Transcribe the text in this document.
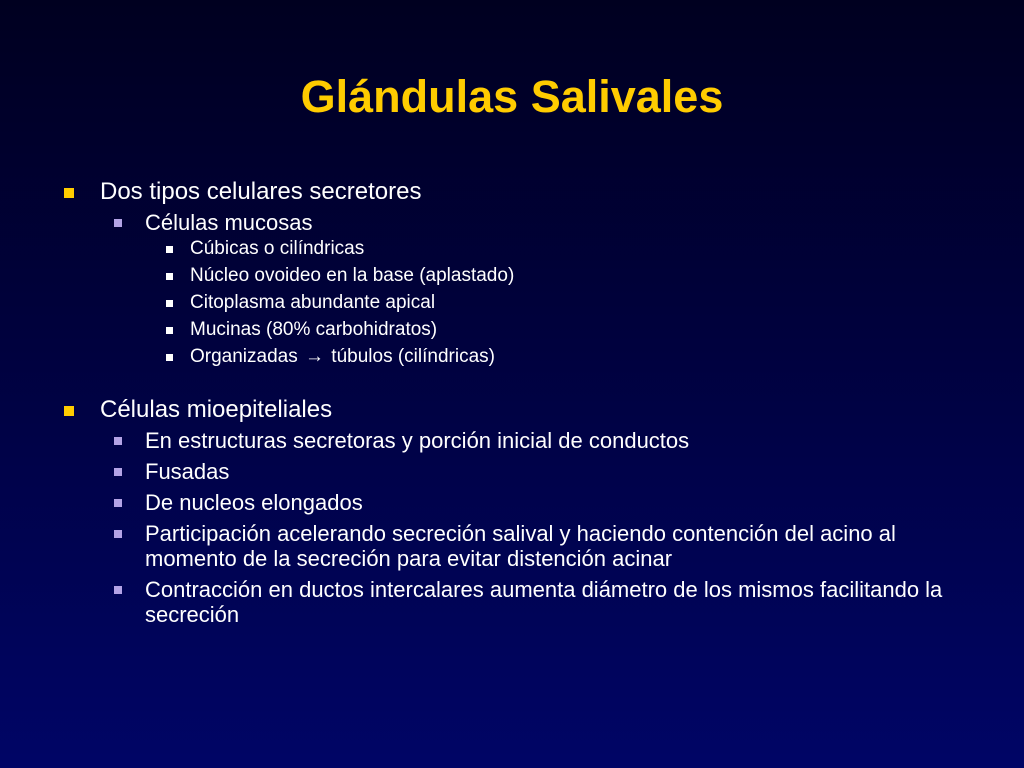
Glándulas Salivales
Dos tipos celulares secretores
Células mucosas
Cúbicas o cilíndricas
Núcleo ovoideo en la base (aplastado)
Citoplasma abundante apical
Mucinas (80% carbohidratos)
Organizadas → túbulos (cilíndricas)
Células mioepiteliales
En estructuras secretoras y porción inicial de conductos
Fusadas
De nucleos elongados
Participación acelerando secreción salival y haciendo contención del acino al momento de la secreción para evitar distención acinar
Contracción en ductos intercalares aumenta diámetro de los mismos facilitando la secreción
